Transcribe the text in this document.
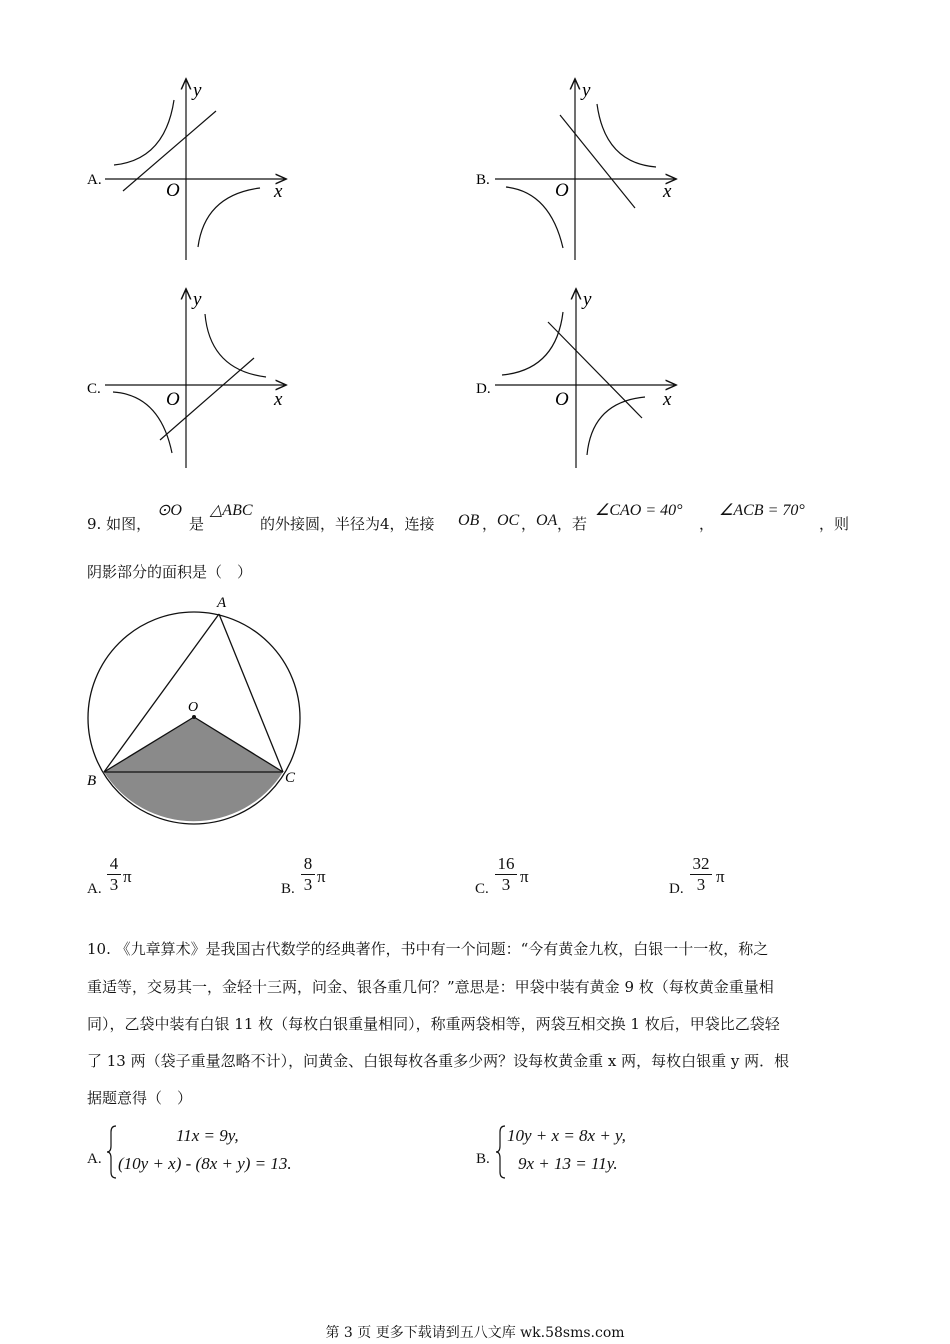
y
x
O
A.
y
x
O
B.
y
x
O
C.
y
x
O
D.
9. 如图，
⊙O
是
△ABC
的外接圆，半径为4，连接 OB ， OC ， OA ，若
∠CAO = 40°
，
∠ACB = 70°
，则
阴影部分的面积是（　）
A
B	C
O
A.
4
3 π
B.
8
3 π
C.
16
3 π
D.
32
3 π
10. 《九章算术》是我国古代数学的经典著作，书中有一个问题：“今有黄金九枚，白银一十一枚，称之
重适等，交易其一，金轻十三两，问金、银各重几何？”意思是：甲袋中装有黄金 9 枚（每枚黄金重量相
同），乙袋中装有白银 11 枚（每枚白银重量相同），称重两袋相等，两袋互相交换 1 枚后，甲袋比乙袋轻
了 13 两（袋子重量忽略不计），问黄金、白银每枚各重多少两？设每枚黄金重 x 两，每枚白银重 y 两．根
据题意得（　）
A.
11x = 9y,
(10y + x) - (8x + y) = 13.	B.
10y + x = 8x + y,
9x + 13 = 11y.
第 3 页 更多下载请到五八文库 wk.58sms.com
